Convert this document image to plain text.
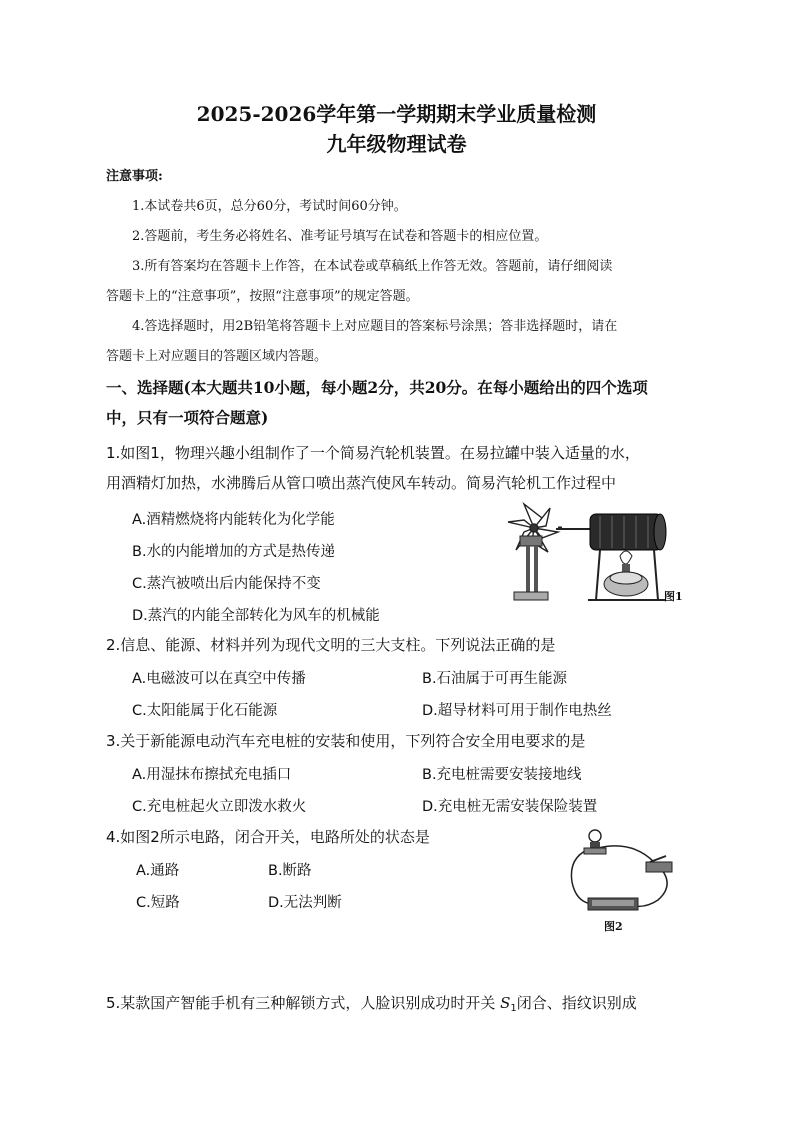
2025-2026学年第一学期期末学业质量检测
九年级物理试卷
注意事项:
1.本试卷共6页，总分60分，考试时间60分钟。
2.答题前，考生务必将姓名、准考证号填写在试卷和答题卡的相应位置。
3.所有答案均在答题卡上作答，在本试卷或草稿纸上作答无效。答题前，请仔细阅读
答题卡上的“注意事项”，按照“注意事项”的规定答题。
4.答选择题时，用2B铅笔将答题卡上对应题目的答案标号涂黑；答非选择题时，请在
答题卡上对应题目的答题区域内答题。
一、选择题(本大题共10小题，每小题2分，共20分。在每小题给出的四个选项
中，只有一项符合题意)
1.如图1，物理兴趣小组制作了一个简易汽轮机装置。在易拉罐中装入适量的水，
用酒精灯加热，水沸腾后从管口喷出蒸汽使风车转动。简易汽轮机工作过程中
A.酒精燃烧将内能转化为化学能
B.水的内能增加的方式是热传递
C.蒸汽被喷出后内能保持不变
D.蒸汽的内能全部转化为风车的机械能
图1
2.信息、能源、材料并列为现代文明的三大支柱。下列说法正确的是
A.电磁波可以在真空中传播	B.石油属于可再生能源
C.太阳能属于化石能源	D.超导材料可用于制作电热丝
3.关于新能源电动汽车充电桩的安装和使用，下列符合安全用电要求的是
A.用湿抹布擦拭充电插口	B.充电桩需要安装接地线
C.充电桩起火立即泼水救火	D.充电桩无需安装保险装置
4.如图2所示电路，闭合开关，电路所处的状态是
A.通路	B.断路
C.短路	D.无法判断
图2
5.某款国产智能手机有三种解锁方式，人脸识别成功时开关 $S_1$闭合、指纹识别成
